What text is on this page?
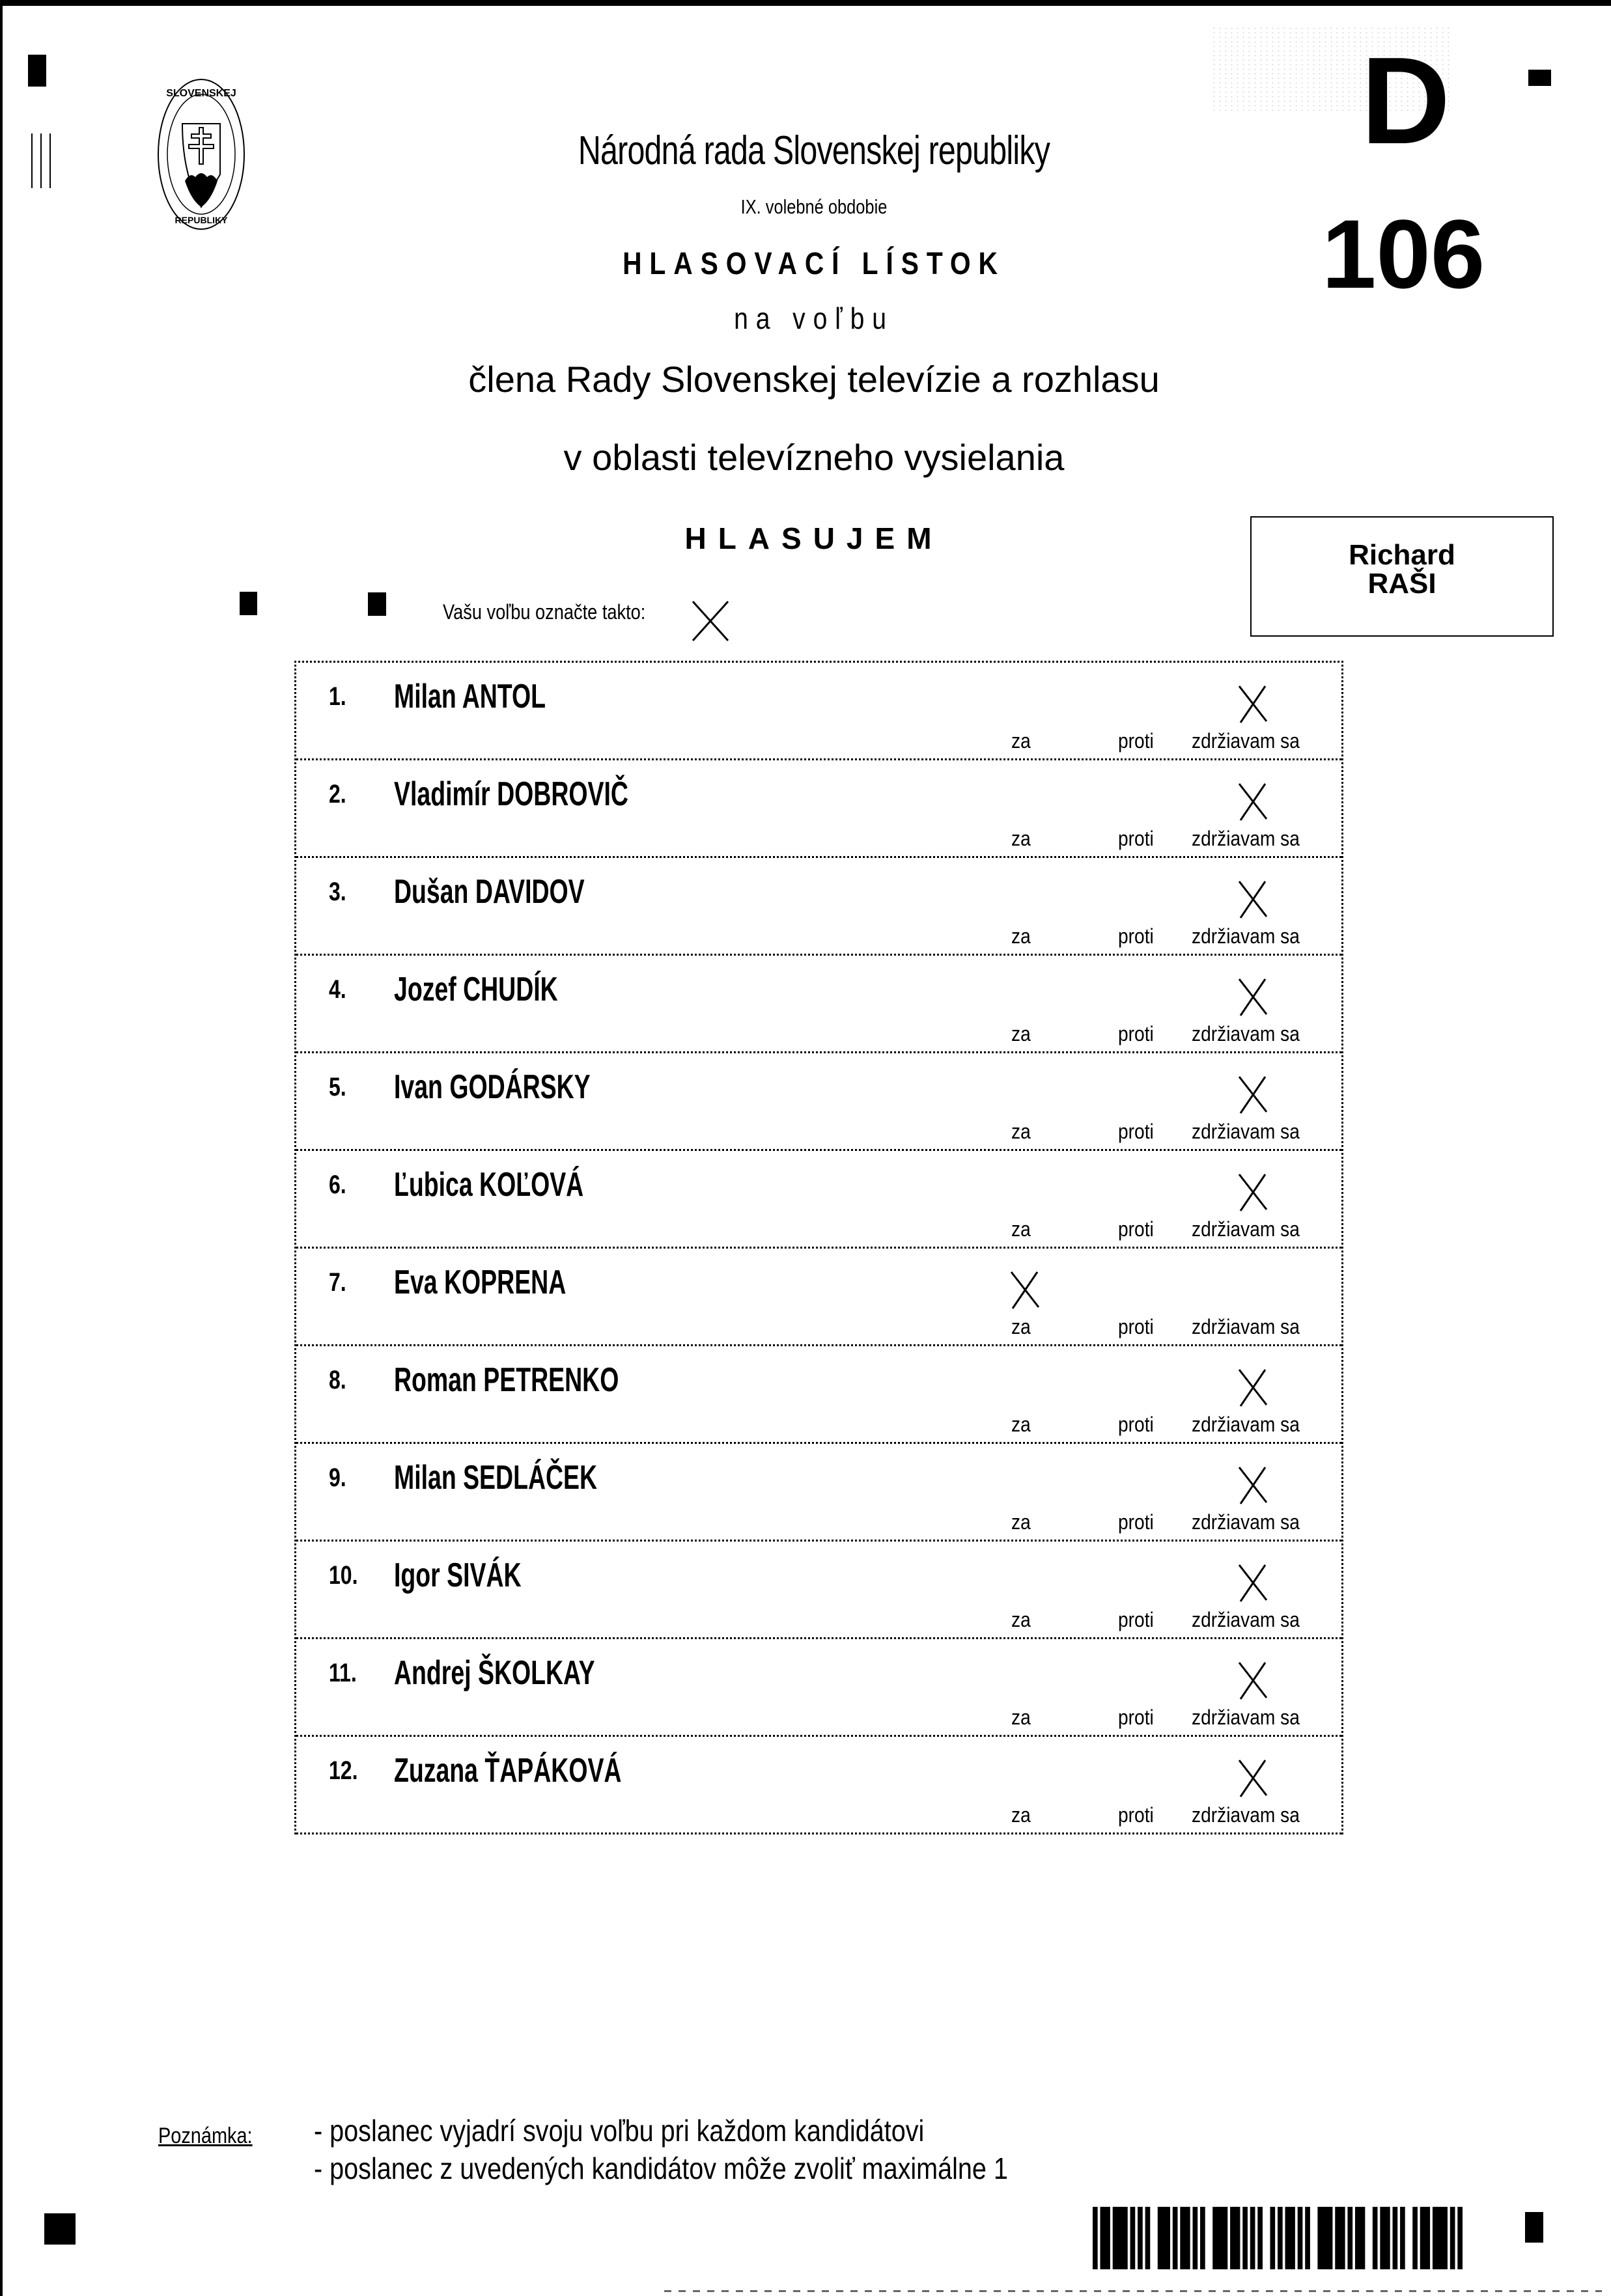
SLOVENSKEJ
REPUBLIKY
Národná rada Slovenskej republiky
IX. volebné obdobie
HLASOVACÍ LÍSTOK
na voľbu
člena Rady Slovenskej televízie a rozhlasu
v oblasti televízneho vysielania
HLASUJEM
Vašu voľbu označte takto:
D
106
Richard
RAŠI
1. Milan ANTOL
za	proti zdržiavam sa
2. Vladimír DOBROVIČ
za	proti zdržiavam sa
3. Dušan DAVIDOV
za	proti zdržiavam sa
4. Jozef CHUDÍK
za	proti zdržiavam sa
5. Ivan GODÁRSKY
za	proti zdržiavam sa
6. Ľubica KOĽOVÁ
za	proti zdržiavam sa
7. Eva KOPRENA
za	proti zdržiavam sa
8. Roman PETRENKO
za	proti zdržiavam sa
9. Milan SEDLÁČEK
za	proti zdržiavam sa
10. Igor SIVÁK
za	proti zdržiavam sa
11. Andrej ŠKOLKAY
za	proti zdržiavam sa
12. Zuzana ŤAPÁKOVÁ
za	proti zdržiavam sa
Poznámka: - poslanec vyjadrí svoju voľbu pri každom kandidátovi
- poslanec z uvedených kandidátov môže zvoliť maximálne 1
